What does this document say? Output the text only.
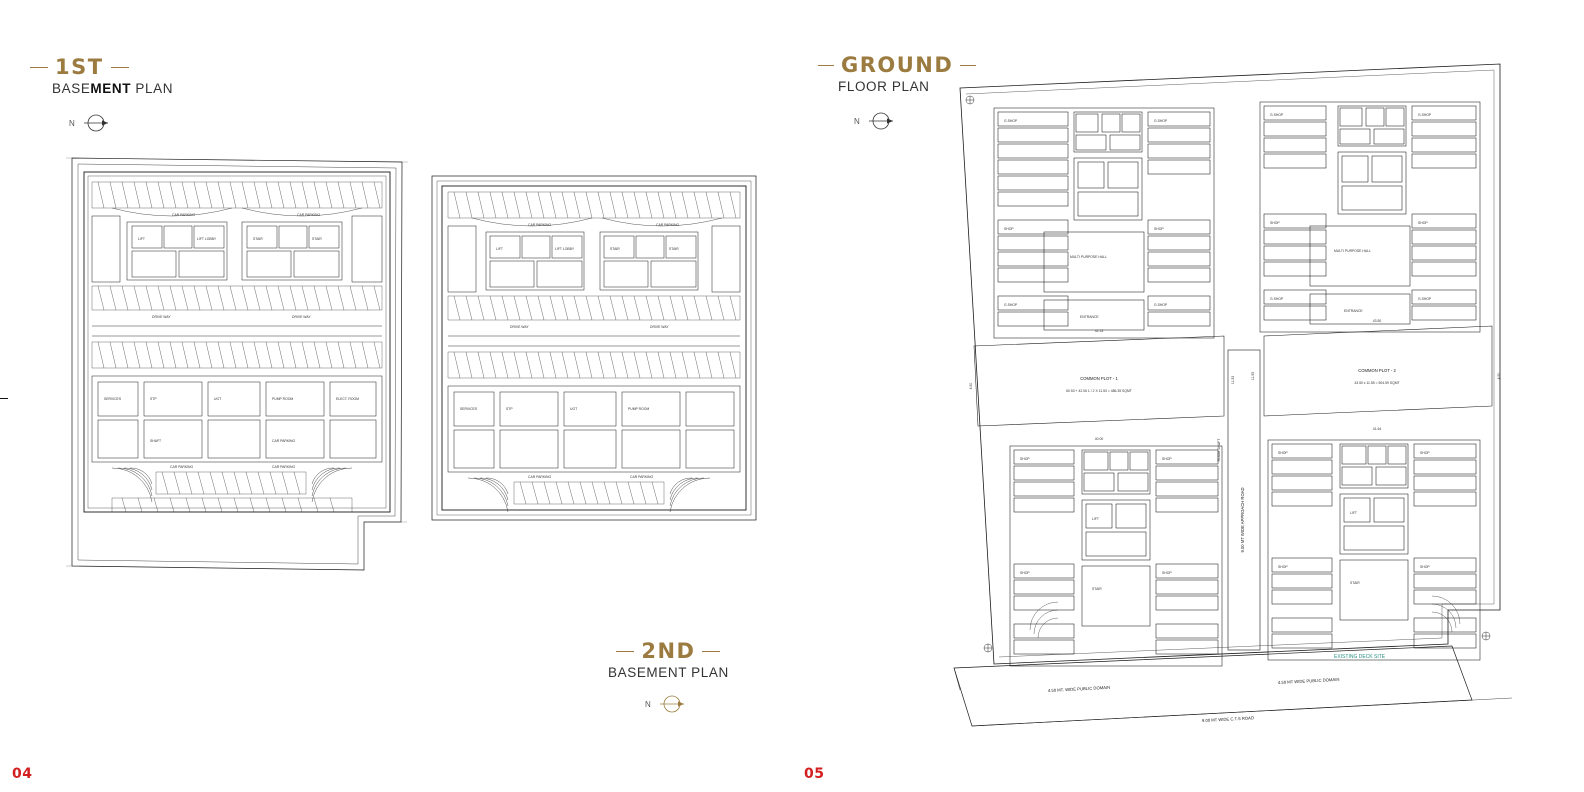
1ST
BASEMENT PLAN
N
CAR PARKING	CAR PARKING
LIFT	LIFT LOBBY	STAIR	STAIR
DRIVE WAY	DRIVE WAY
SERVICES	STP	UGT	PUMP ROOM	ELECT. ROOM
SHAFT	CAR PARKING
CAR PARKING	CAR PARKING
CAR PARKING	CAR PARKING
LIFT	LIFT LOBBY	STAIR	STAIR
DRIVE WAY	DRIVE WAY
SERVICES	STP	UGT	PUMP ROOM
CAR PARKING	CAR PARKING
2ND
BASEMENT PLAN
N
04
GROUND
FLOOR PLAN
N
4.50 MT. WIDE PUBLIC DOMAIN
4.50 MT WIDE PUBLIC DOMAIN
9.00 MT WIDE C.T.S ROAD
9.00 MT WIDE APPROACH ROAD
ROOM SHAFT
G.SHOP	G.SHOP
SHOP	SHOP
MULTI PURPOSE HALL
G.SHOP	G.SHOP
ENTRANCE
G.SHOP	G.SHOP
SHOP	SHOP
MULTI PURPOSE HALL
G.SHOP	G.SHOP
ENTRANCE
COMMON PLOT - 1
60.53 + 42.06 1 / 2 X 11.53 = 486.35 SQMT
COMMON PLOT - 2
43.50 x 11.55 = 504.59 SQMT
42.13
40.00
43.50
41.64
4.50
11.53	11.55	4.50
SHOP	SHOP
LIFT
STAIR
SHOP
SHOP
SHOP	SHOP
LIFT
STAIR
SHOP
SHOP
EXISTING DECK SITE
05
